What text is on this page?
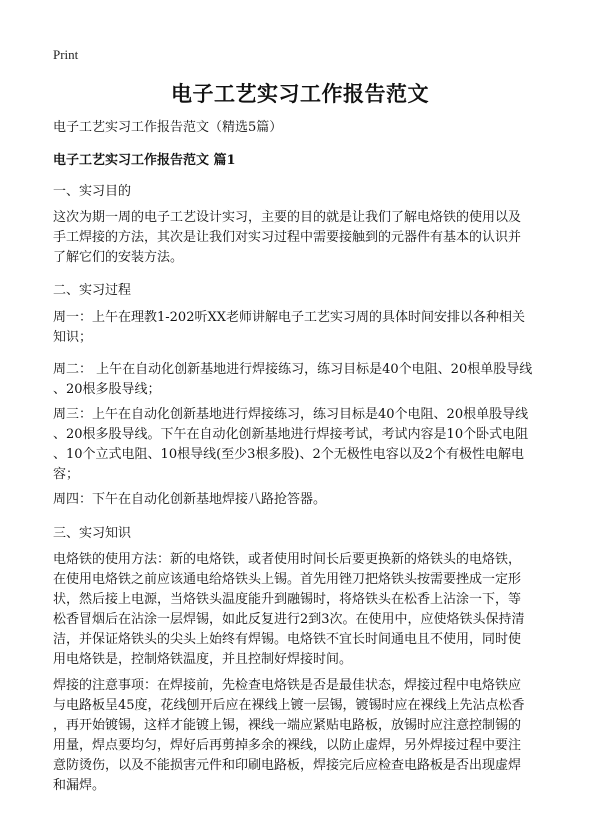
Print
电子工艺实习工作报告范文
电子工艺实习工作报告范文（精选5篇）
电子工艺实习工作报告范文 篇1
一、实习目的
这次为期一周的电子工艺设计实习，主要的目的就是让我们了解电烙铁的使用以及
手工焊接的方法，其次是让我们对实习过程中需要接触到的元器件有基本的认识并
了解它们的安装方法。
二、实习过程
周一：上午在理教1-202听XX老师讲解电子工艺实习周的具体时间安排以各种相关
知识；
周二： 上午在自动化创新基地进行焊接练习，练习目标是40个电阻、20根单股导线
、20根多股导线；
周三：上午在自动化创新基地进行焊接练习，练习目标是40个电阻、20根单股导线
、20根多股导线。下午在自动化创新基地进行焊接考试，考试内容是10个卧式电阻
、10个立式电阻、10根导线(至少3根多股)、2个无极性电容以及2个有极性电解电
容；
周四：下午在自动化创新基地焊接八路抢答器。
三、实习知识
电烙铁的使用方法：新的电烙铁，或者使用时间长后要更换新的烙铁头的电烙铁，
在使用电烙铁之前应该通电给烙铁头上锡。首先用锉刀把烙铁头按需要挫成一定形
状，然后接上电源，当烙铁头温度能升到融锡时，将烙铁头在松香上沾涂一下，等
松香冒烟后在沾涂一层焊锡，如此反复进行2到3次。在使用中，应使烙铁头保持清
洁，并保证烙铁头的尖头上始终有焊锡。电烙铁不宜长时间通电且不使用，同时使
用电烙铁是，控制烙铁温度，并且控制好焊接时间。
焊接的注意事项：在焊接前，先检查电烙铁是否是最佳状态，焊接过程中电烙铁应
与电路板呈45度，花线刨开后应在裸线上镀一层锡，镀锡时应在裸线上先沾点松香
，再开始镀锡，这样才能镀上锡，裸线一端应紧贴电路板，放锡时应注意控制锡的
用量，焊点要均匀，焊好后再剪掉多余的裸线，以防止虚焊，另外焊接过程中要注
意防烫伤，以及不能损害元件和印刷电路板，焊接完后应检查电路板是否出现虚焊
和漏焊。
